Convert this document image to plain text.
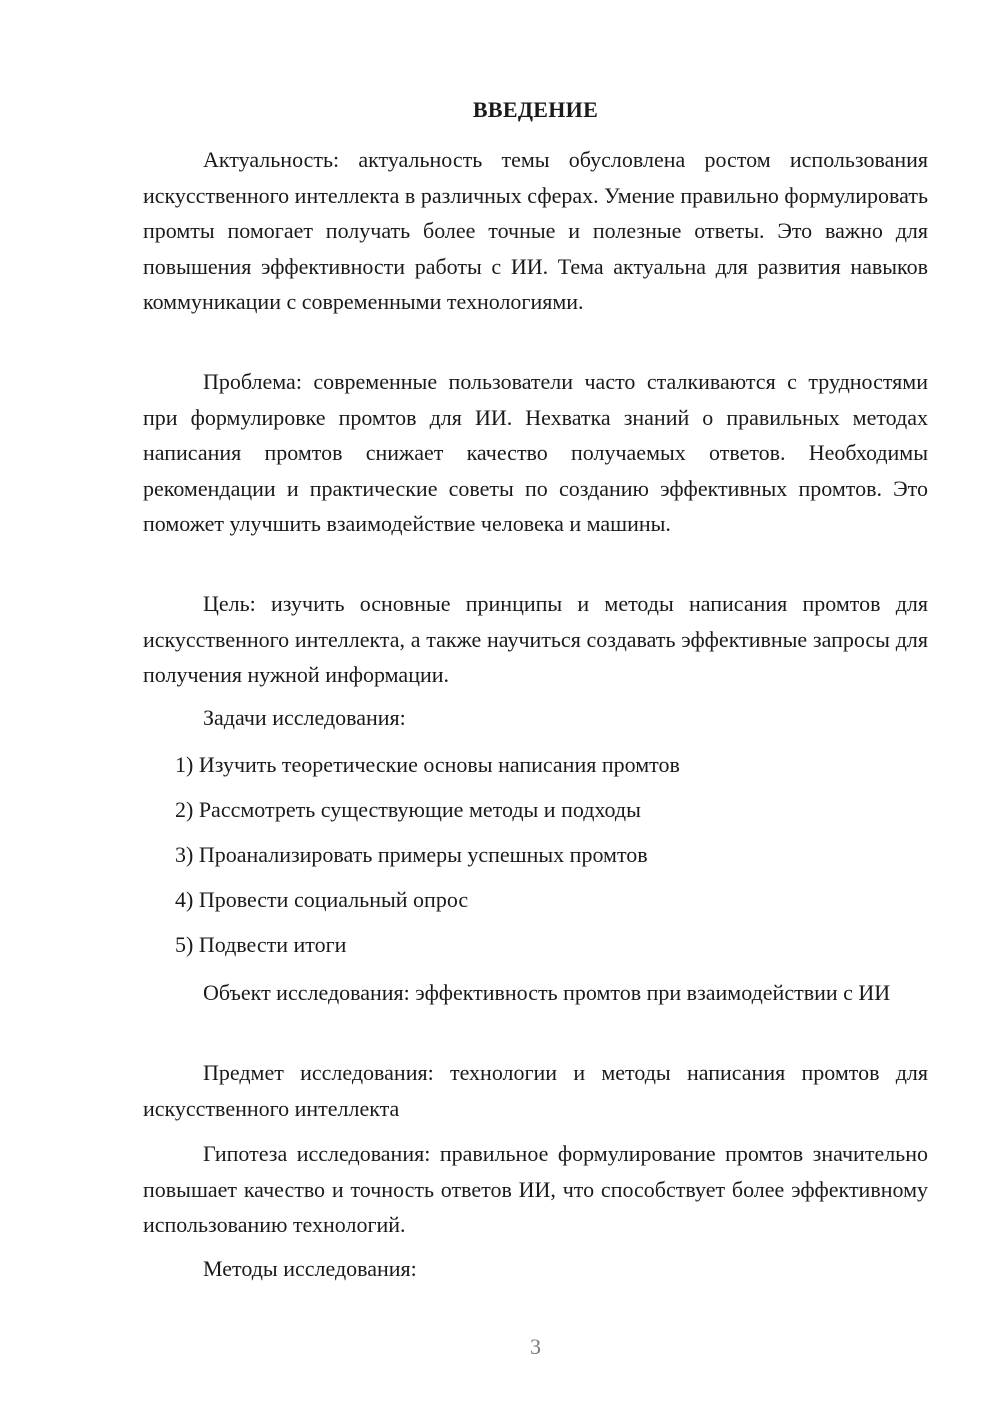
ВВЕДЕНИЕ

Актуальность: актуальность темы обусловлена ростом использования искусственного интеллекта в различных сферах. Умение правильно формулировать промты помогает получать более точные и полезные ответы. Это важно для повышения эффективности работы с ИИ. Тема актуальна для развития навыков коммуникации с современными технологиями.

Проблема: современные пользователи часто сталкиваются с трудностями при формулировке промтов для ИИ. Нехватка знаний о правильных методах написания промтов снижает качество получаемых ответов. Необходимы рекомендации и практические советы по созданию эффективных промтов. Это поможет улучшить взаимодействие человека и машины.

Цель: изучить основные принципы и методы написания промтов для искусственного интеллекта, а также научиться создавать эффективные запросы для получения нужной информации.

Задачи исследования:
1) Изучить теоретические основы написания промтов
2) Рассмотреть существующие методы и подходы
3) Проанализировать примеры успешных промтов
4) Провести социальный опрос
5) Подвести итоги

Объект исследования: эффективность промтов при взаимодействии с ИИ

Предмет исследования: технологии и методы написания промтов для искусственного интеллекта

Гипотеза исследования: правильное формулирование промтов значительно повышает качество и точность ответов ИИ, что способствует более эффективному использованию технологий.

Методы исследования:
3
